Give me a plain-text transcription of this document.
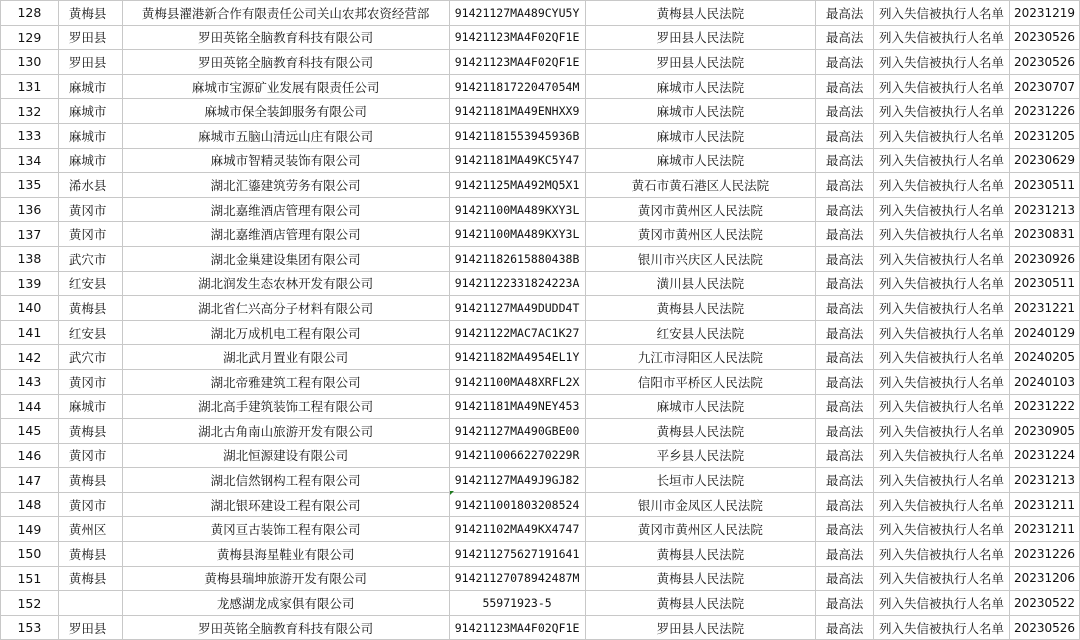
128	黄梅县	黄梅县濯港新合作有限责任公司关山农邦农资经营部	91421127MA489CYU5Y	黄梅县人民法院	最高法	列入失信被执行人名单	20231219
129	罗田县	罗田英铭全脑教育科技有限公司	91421123MA4F02QF1E	罗田县人民法院	最高法	列入失信被执行人名单	20230526
130	罗田县	罗田英铭全脑教育科技有限公司	91421123MA4F02QF1E	罗田县人民法院	最高法	列入失信被执行人名单	20230526
131	麻城市	麻城市宝源矿业发展有限责任公司	91421181722047054M	麻城市人民法院	最高法	列入失信被执行人名单	20230707
132	麻城市	麻城市保全装卸服务有限公司	91421181MA49ENHXX9	麻城市人民法院	最高法	列入失信被执行人名单	20231226
133	麻城市	麻城市五脑山清远山庄有限公司	91421181553945936B	麻城市人民法院	最高法	列入失信被执行人名单	20231205
134	麻城市	麻城市智精灵装饰有限公司	91421181MA49KC5Y47	麻城市人民法院	最高法	列入失信被执行人名单	20230629
135	浠水县	湖北汇鎏建筑劳务有限公司	91421125MA492MQ5X1	黄石市黄石港区人民法院	最高法	列入失信被执行人名单	20230511
136	黄冈市	湖北嘉维酒店管理有限公司	91421100MA489KXY3L	黄冈市黄州区人民法院	最高法	列入失信被执行人名单	20231213
137	黄冈市	湖北嘉维酒店管理有限公司	91421100MA489KXY3L	黄冈市黄州区人民法院	最高法	列入失信被执行人名单	20230831
138	武穴市	湖北金巢建设集团有限公司	91421182615880438B	银川市兴庆区人民法院	最高法	列入失信被执行人名单	20230926
139	红安县	湖北润发生态农林开发有限公司	91421122331824223A	潢川县人民法院	最高法	列入失信被执行人名单	20230511
140	黄梅县	湖北省仁兴高分子材料有限公司	91421127MA49DUDD4T	黄梅县人民法院	最高法	列入失信被执行人名单	20231221
141	红安县	湖北万成机电工程有限公司	91421122MAC7AC1K27	红安县人民法院	最高法	列入失信被执行人名单	20240129
142	武穴市	湖北武月置业有限公司	91421182MA4954EL1Y	九江市浔阳区人民法院	最高法	列入失信被执行人名单	20240205
143	黄冈市	湖北帝雅建筑工程有限公司	91421100MA48XRFL2X	信阳市平桥区人民法院	最高法	列入失信被执行人名单	20240103
144	麻城市	湖北高手建筑装饰工程有限公司	91421181MA49NEY453	麻城市人民法院	最高法	列入失信被执行人名单	20231222
145	黄梅县	湖北古角南山旅游开发有限公司	91421127MA490GBE00	黄梅县人民法院	最高法	列入失信被执行人名单	20230905
146	黄冈市	湖北恒源建设有限公司	91421100662270229R	平乡县人民法院	最高法	列入失信被执行人名单	20231224
147	黄梅县	湖北信然钢构工程有限公司	91421127MA49J9GJ82	长垣市人民法院	最高法	列入失信被执行人名单	20231213
148	黄冈市	湖北银环建设工程有限公司	914211001803208524	银川市金凤区人民法院	最高法	列入失信被执行人名单	20231211
149	黄州区	黄冈亘古装饰工程有限公司	91421102MA49KX4747	黄冈市黄州区人民法院	最高法	列入失信被执行人名单	20231211
150	黄梅县	黄梅县海星鞋业有限公司	914211275627191641	黄梅县人民法院	最高法	列入失信被执行人名单	20231226
151	黄梅县	黄梅县瑞坤旅游开发有限公司	91421127078942487M	黄梅县人民法院	最高法	列入失信被执行人名单	20231206
152		龙感湖龙成家俱有限公司	55971923-5	黄梅县人民法院	最高法	列入失信被执行人名单	20230522
153	罗田县	罗田英铭全脑教育科技有限公司	91421123MA4F02QF1E	罗田县人民法院	最高法	列入失信被执行人名单	20230526
